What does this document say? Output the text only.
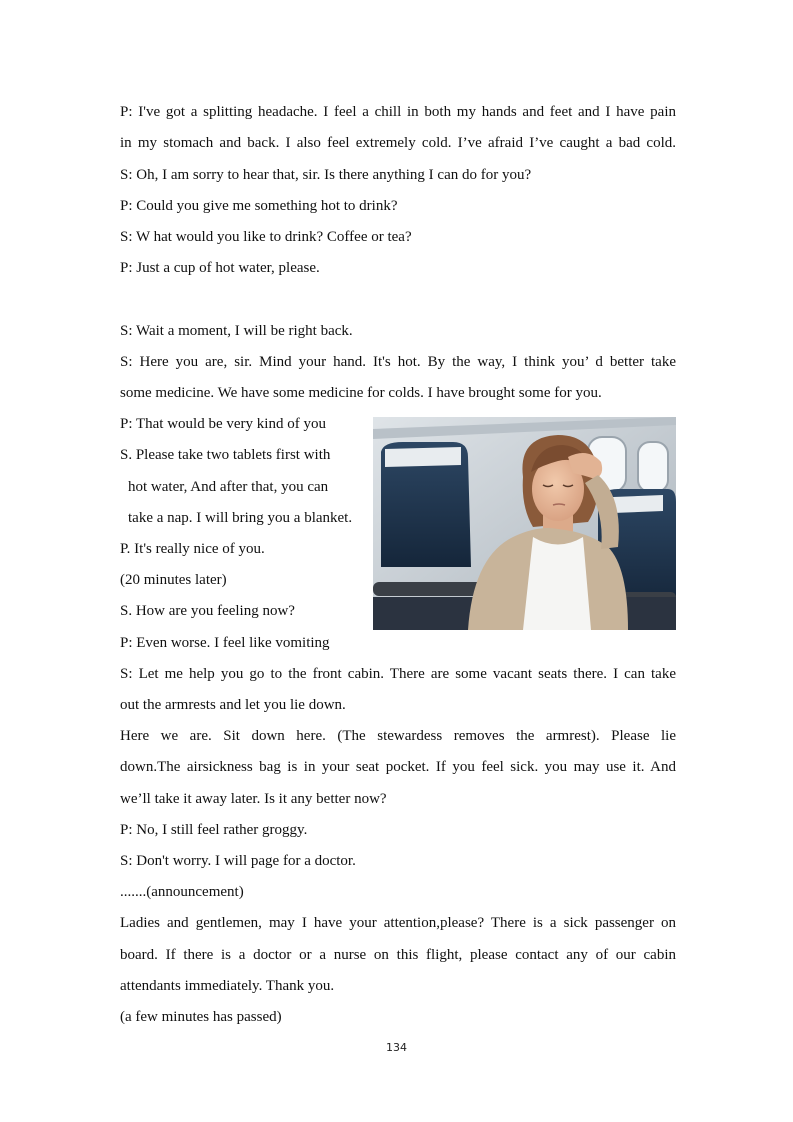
P: I've got a splitting headache. I feel a chill in both my hands and feet and I have pain
in my stomach and back. I also feel extremely cold. I’ve afraid I’ve caught a bad cold.
S: Oh, I am sorry to hear that, sir. Is there anything I can do for you?
P: Could you give me something hot to drink?
S: W hat would you like to drink? Coffee or tea?
P: Just a cup of hot water, please.
S: Wait a moment, I will be right back.
S: Here you are, sir. Mind your hand. It's hot. By the way, I think you’ d better take
some medicine. We have some medicine for colds. I have brought some for you.
P: That would be very kind of you
S. Please take two tablets first with
hot water, And after that, you can
take a nap. I will bring you a blanket.
P. It's really nice of you.
(20 minutes later)
S. How are you feeling now?
P: Even worse. I feel like vomiting
S: Let me help you go to the front cabin. There are some vacant seats there. I can take
out the armrests and let you lie down.
Here we are. Sit down here. (The stewardess removes the armrest). Please lie
down.The airsickness bag is in your seat pocket. If you feel sick. you may use it. And
we’ll take it away later. Is it any better now?
P: No, I still feel rather groggy.
S: Don't worry. I will page for a doctor.
.......(announcement)
Ladies and gentlemen, may I have your attention,please? There is a sick passenger on
board. If there is a doctor or a nurse on this flight, please contact any of our cabin
attendants immediately. Thank you.
(a few minutes has passed)
134
